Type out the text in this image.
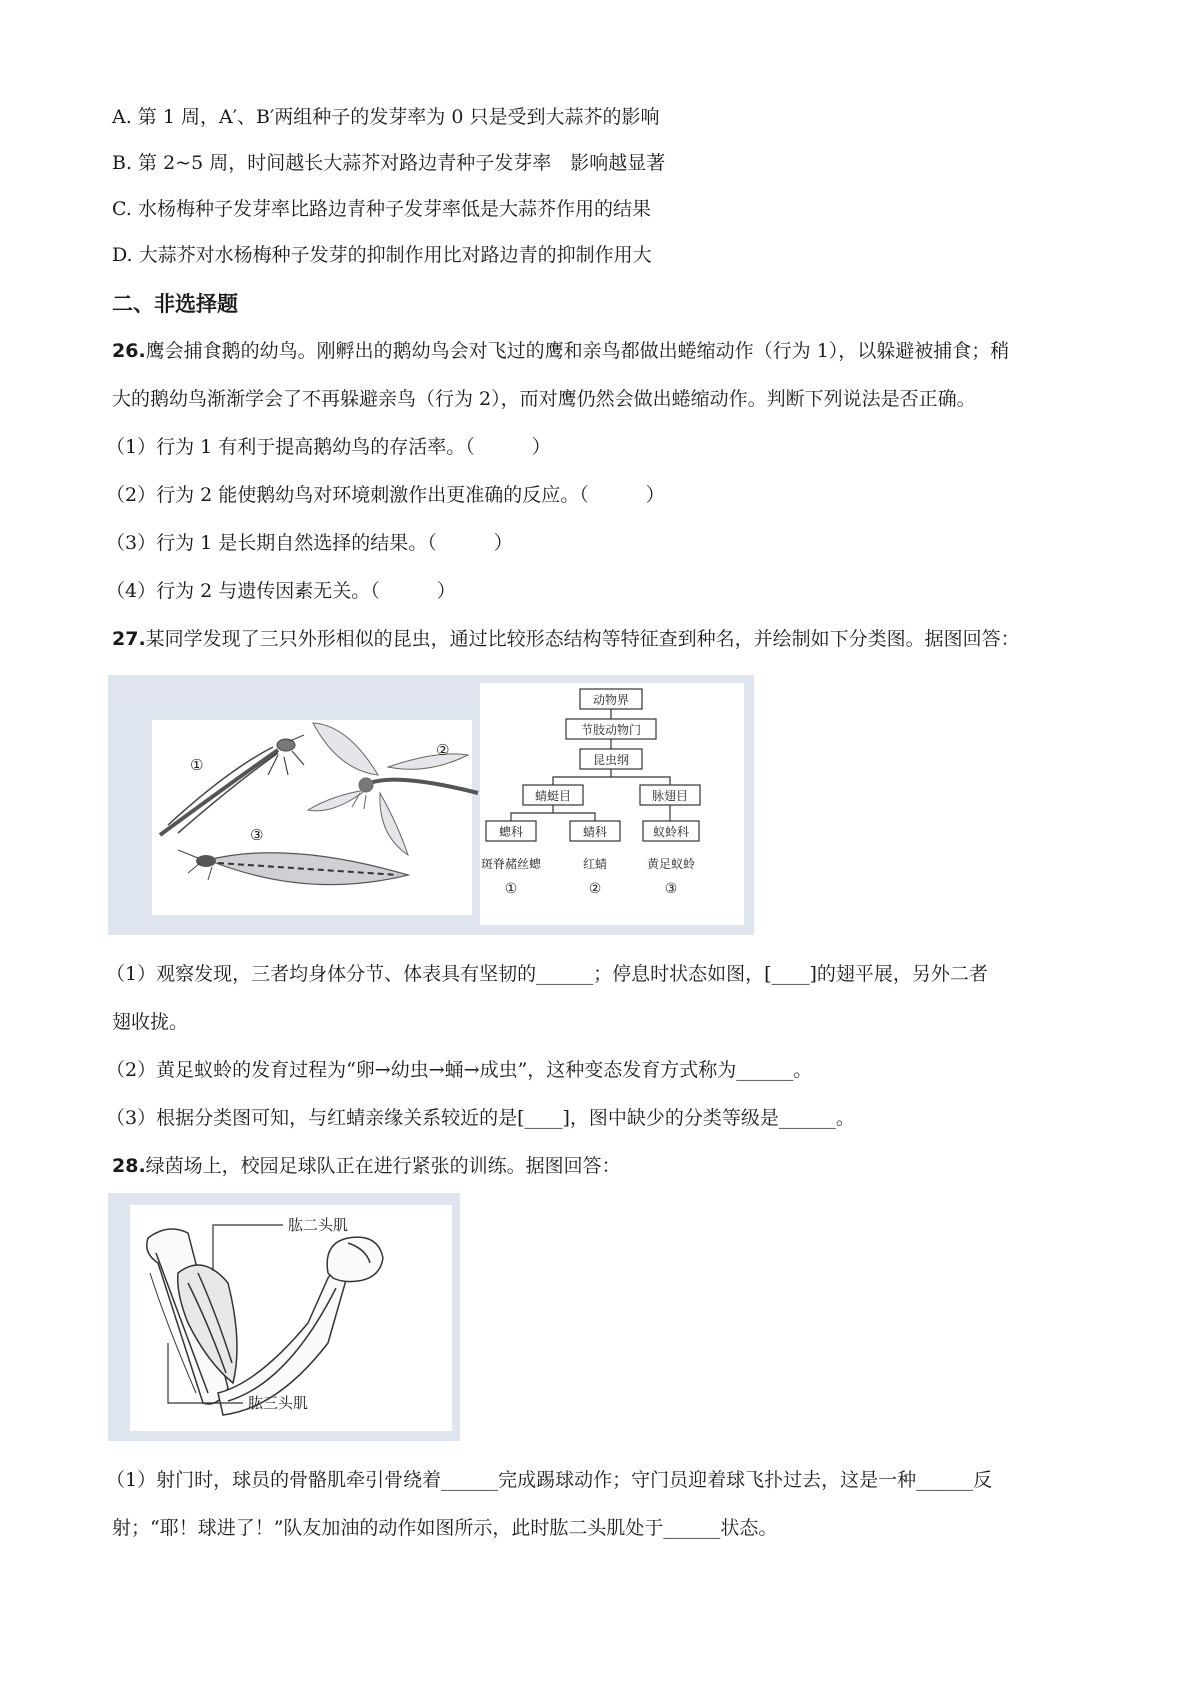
A. 第 1 周，A′、B′两组种子的发芽率为 0 只是受到大蒜芥的影响
B. 第 2~5 周，时间越长大蒜芥对路边青种子发芽率　影响越显著
C. 水杨梅种子发芽率比路边青种子发芽率低是大蒜芥作用的结果
D. 大蒜芥对水杨梅种子发芽的抑制作用比对路边青的抑制作用大
二、非选择题
26.鹰会捕食鹅的幼鸟。刚孵出的鹅幼鸟会对飞过的鹰和亲鸟都做出蜷缩动作（行为 1），以躲避被捕食；稍
大的鹅幼鸟渐渐学会了不再躲避亲鸟（行为 2），而对鹰仍然会做出蜷缩动作。判断下列说法是否正确。
（1）行为 1 有利于提高鹅幼鸟的存活率。（　　　）
（2）行为 2 能使鹅幼鸟对环境刺激作出更准确的反应。（　　　）
（3）行为 1 是长期自然选择的结果。（　　　）
（4）行为 2 与遗传因素无关。（　　　）
27.某同学发现了三只外形相似的昆虫，通过比较形态结构等特征查到种名，并绘制如下分类图。据图回答：
①
②
③
动物界
节肢动物门
昆虫纲
蜻蜓目	脉翅目
蟌科	蜻科	蚁蛉科
斑脊赭丝蟌	红蜻	黄足蚁蛉
①	②	③
（1）观察发现，三者均身体分节、体表具有坚韧的______；停息时状态如图，[____]的翅平展，另外二者
翅收拢。
（2）黄足蚁蛉的发育过程为“卵→幼虫→蛹→成虫”，这种变态发育方式称为______。
（3）根据分类图可知，与红蜻亲缘关系较近的是[____]，图中缺少的分类等级是______。
28.绿茵场上，校园足球队正在进行紧张的训练。据图回答：
肱二头肌
肱三头肌
（1）射门时，球员的骨骼肌牵引骨绕着______完成踢球动作；守门员迎着球飞扑过去，这是一种______反
射；“耶！球进了！”队友加油的动作如图所示，此时肱二头肌处于______状态。
